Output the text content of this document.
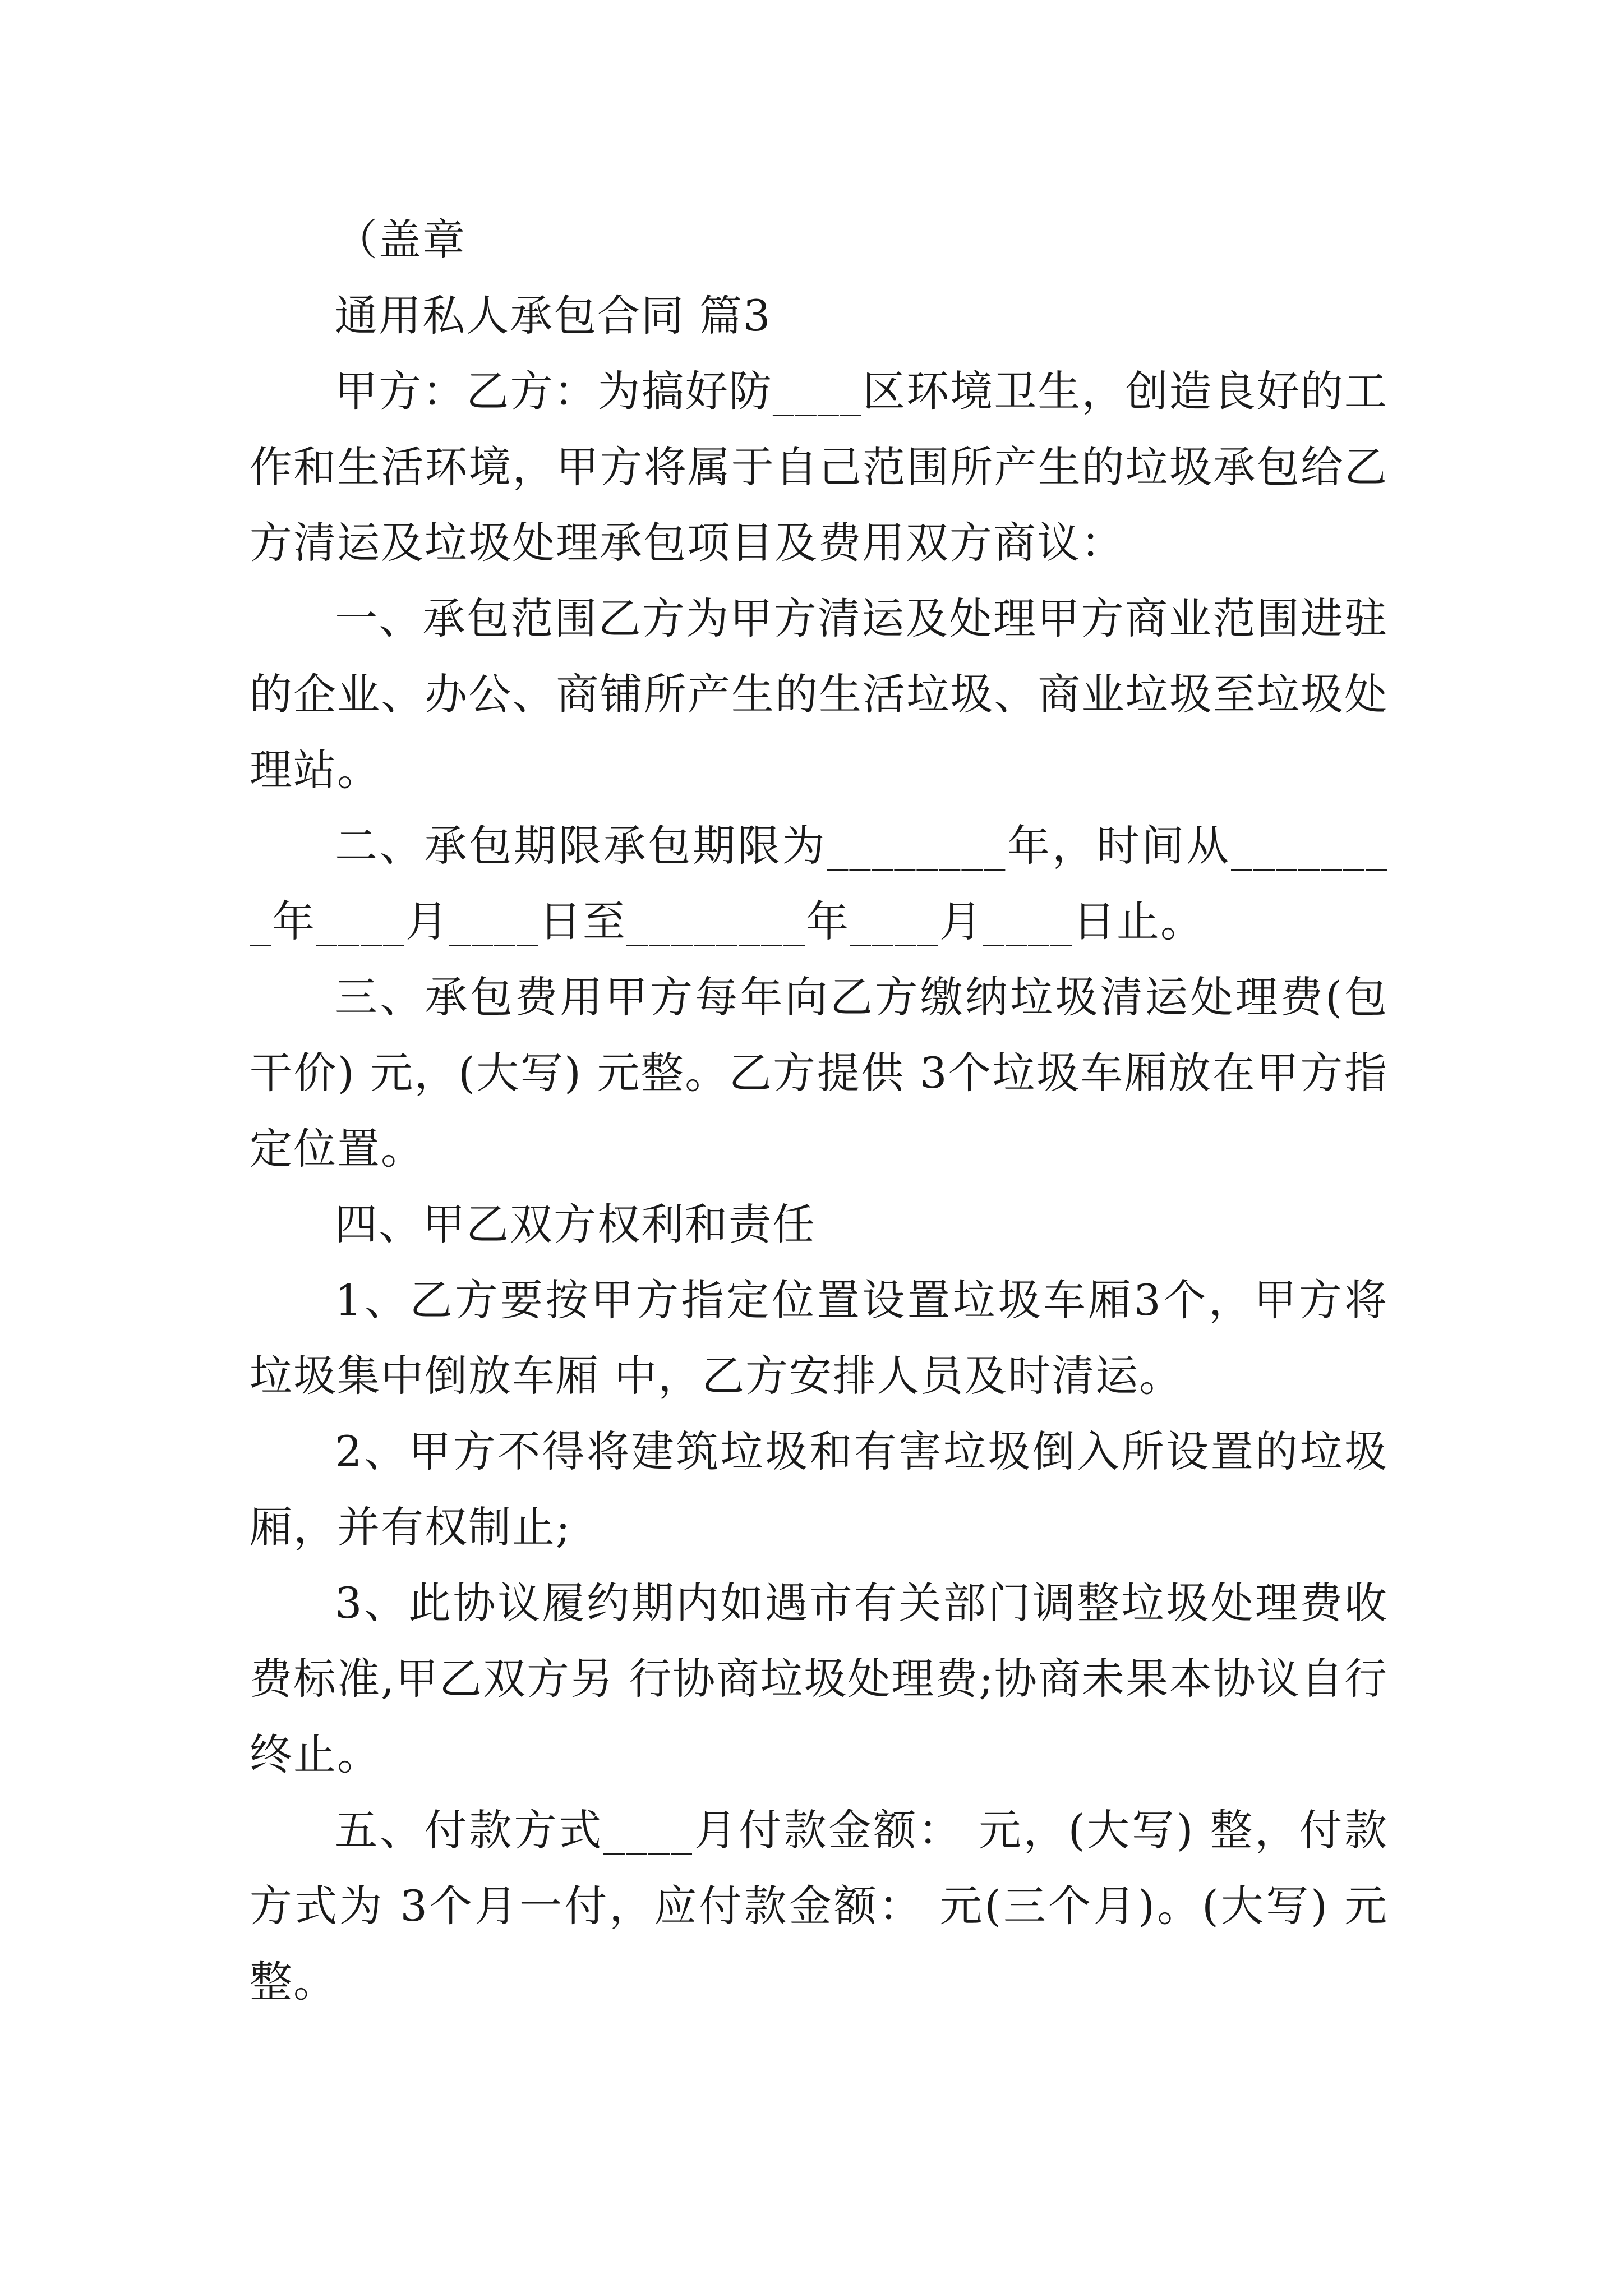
（盖章

通用私人承包合同 篇3

甲方：乙方：为搞好防____区环境卫生，创造良好的工作和生活环境，甲方将属于自己范围所产生的垃圾承包给乙方清运及垃圾处理承包项目及费用双方商议：

一、承包范围乙方为甲方清运及处理甲方商业范围进驻的企业、办公、商铺所产生的生活垃圾、商业垃圾至垃圾处理站。

二、承包期限承包期限为________年，时间从________年____月____日至________年____月____日止。

三、承包费用甲方每年向乙方缴纳垃圾清运处理费(包干价) 元，(大写) 元整。乙方提供 3个垃圾车厢放在甲方指定位置。

四、甲乙双方权利和责任

1、乙方要按甲方指定位置设置垃圾车厢3个，甲方将垃圾集中倒放车厢 中，乙方安排人员及时清运。

2、甲方不得将建筑垃圾和有害垃圾倒入所设置的垃圾厢，并有权制止;

3、此协议履约期内如遇市有关部门调整垃圾处理费收费标准,甲乙双方另 行协商垃圾处理费;协商未果本协议自行终止。

五、付款方式____月付款金额： 元，(大写) 整，付款方式为 3个月一付，应付款金额： 元(三个月)。(大写) 元整。
